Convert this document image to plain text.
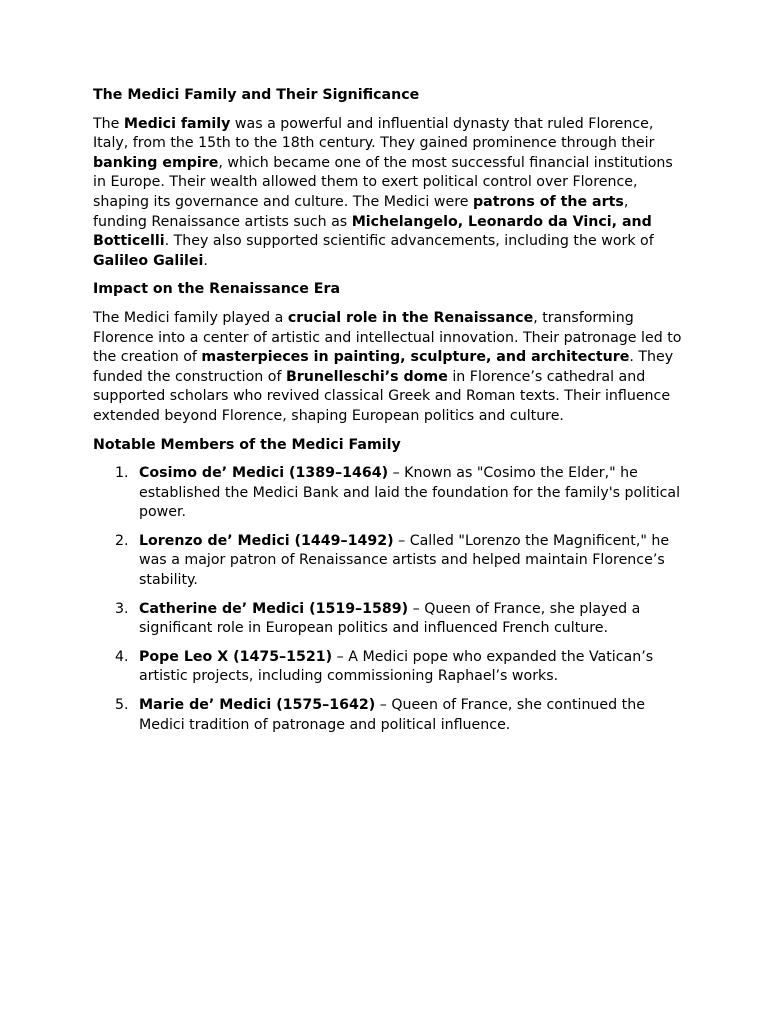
The Medici Family and Their Significance

The Medici family was a powerful and influential dynasty that ruled Florence, Italy, from the 15th to the 18th century. They gained prominence through their banking empire, which became one of the most successful financial institutions in Europe. Their wealth allowed them to exert political control over Florence, shaping its governance and culture. The Medici were patrons of the arts, funding Renaissance artists such as Michelangelo, Leonardo da Vinci, and Botticelli. They also supported scientific advancements, including the work of Galileo Galilei.

Impact on the Renaissance Era

The Medici family played a crucial role in the Renaissance, transforming Florence into a center of artistic and intellectual innovation. Their patronage led to the creation of masterpieces in painting, sculpture, and architecture. They funded the construction of Brunelleschi’s dome in Florence’s cathedral and supported scholars who revived classical Greek and Roman texts. Their influence extended beyond Florence, shaping European politics and culture.

Notable Members of the Medici Family
1. Cosimo de’ Medici (1389–1464) – Known as "Cosimo the Elder," he established the Medici Bank and laid the foundation for the family's political power.
2. Lorenzo de’ Medici (1449–1492) – Called "Lorenzo the Magnificent," he was a major patron of Renaissance artists and helped maintain Florence’s stability.
3. Catherine de’ Medici (1519–1589) – Queen of France, she played a significant role in European politics and influenced French culture.
4. Pope Leo X (1475–1521) – A Medici pope who expanded the Vatican’s artistic projects, including commissioning Raphael’s works.
5. Marie de’ Medici (1575–1642) – Queen of France, she continued the Medici tradition of patronage and political influence.
